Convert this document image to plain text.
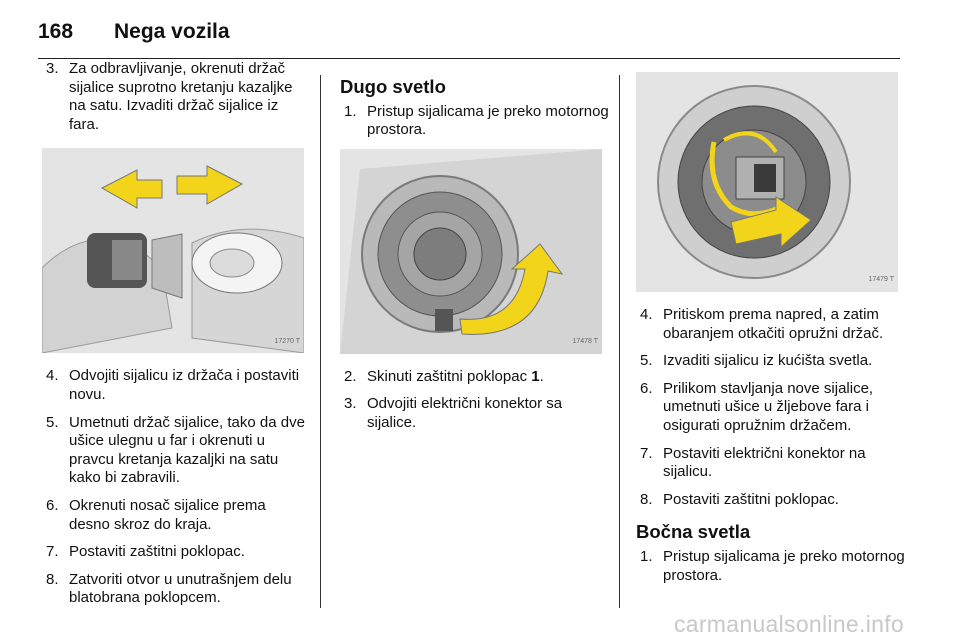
168 Nega vozila
3. Za odbravljivanje, okrenuti držač sijalice suprotno kretanju kazaljke na satu. Izvaditi držač sijalice iz fara.
17270 T
4. Odvojiti sijalicu iz držača i postaviti novu.
5. Umetnuti držač sijalice, tako da dve ušice ulegnu u far i okrenuti u pravcu kretanja kazaljki na satu kako bi zabravili.
6. Okrenuti nosač sijalice prema desno skroz do kraja.
7. Postaviti zaštitni poklopac.
8. Zatvoriti otvor u unutrašnjem delu blatobrana poklopcem.
Dugo svetlo
1. Pristup sijalicama je preko motornog prostora.
17478 T
2. Skinuti zaštitni poklopac 1.
3. Odvojiti električni konektor sa sijalice.
17479 T
4. Pritiskom prema napred, a zatim obaranjem otkačiti opružni držač.
5. Izvaditi sijalicu iz kućišta svetla.
6. Prilikom stavljanja nove sijalice, umetnuti ušice u žljebove fara i osigurati opružnim držačem.
7. Postaviti električni konektor na sijalicu.
8. Postaviti zaštitni poklopac.
Bočna svetla
1. Pristup sijalicama je preko motornog prostora.
carmanualsonline.info
